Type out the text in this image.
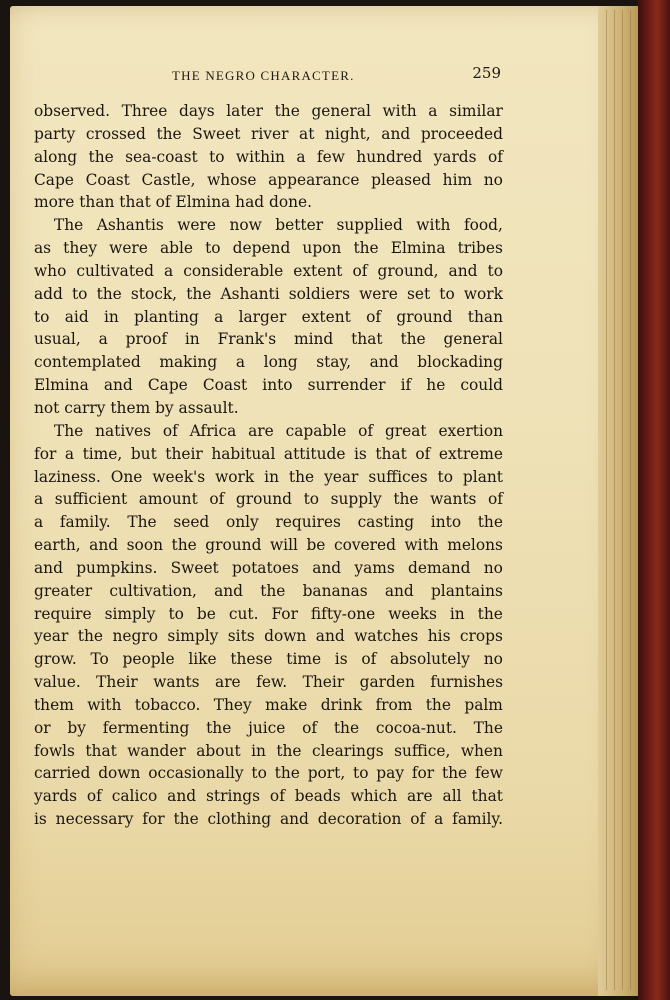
THE NEGRO CHARACTER.	259
observed. Three days later the general with a similar
party crossed the Sweet river at night, and proceeded
along the sea-coast to within a few hundred yards of
Cape Coast Castle, whose appearance pleased him no
more than that of Elmina had done.
The Ashantis were now better supplied with food,
as they were able to depend upon the Elmina tribes
who cultivated a considerable extent of ground, and to
add to the stock, the Ashanti soldiers were set to work
to aid in planting a larger extent of ground than
usual, a proof in Frank's mind that the general
contemplated making a long stay, and blockading
Elmina and Cape Coast into surrender if he could
not carry them by assault.
The natives of Africa are capable of great exertion
for a time, but their habitual attitude is that of extreme
laziness. One week's work in the year suffices to plant
a sufficient amount of ground to supply the wants of
a family. The seed only requires casting into the
earth, and soon the ground will be covered with melons
and pumpkins. Sweet potatoes and yams demand no
greater cultivation, and the bananas and plantains
require simply to be cut. For fifty-one weeks in the
year the negro simply sits down and watches his crops
grow. To people like these time is of absolutely no
value. Their wants are few. Their garden furnishes
them with tobacco. They make drink from the palm
or by fermenting the juice of the cocoa-nut. The
fowls that wander about in the clearings suffice, when
carried down occasionally to the port, to pay for the few
yards of calico and strings of beads which are all that
is necessary for the clothing and decoration of a family.
